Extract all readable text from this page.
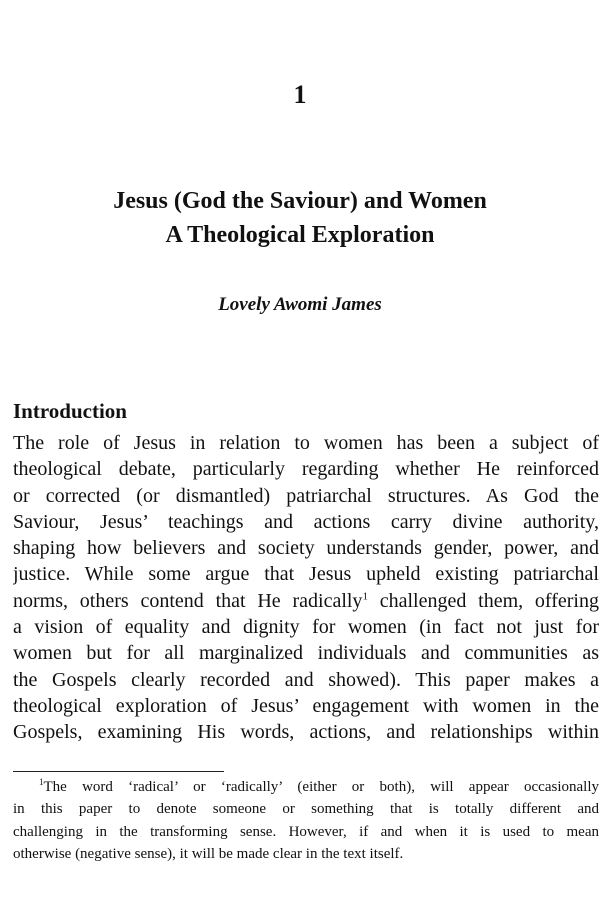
1
Jesus (God the Saviour) and Women
A Theological Exploration
Lovely Awomi James
Introduction
The role of Jesus in relation to women has been a subject of
theological debate, particularly regarding whether He reinforced
or corrected (or dismantled) patriarchal structures. As God the
Saviour, Jesus’ teachings and actions carry divine authority,
shaping how believers and society understands gender, power, and
justice. While some argue that Jesus upheld existing patriarchal
norms, others contend that He radically$^1$ challenged them, offering
a vision of equality and dignity for women (in fact not just for
women but for all marginalized individuals and communities as
the Gospels clearly recorded and showed). This paper makes a
theological exploration of Jesus’ engagement with women in the
Gospels, examining His words, actions, and relationships within
$^1$The word ‘radical’ or ‘radically’ (either or both), will appear occasionally
in this paper to denote someone or something that is totally different and
challenging in the transforming sense. However, if and when it is used to mean
otherwise (negative sense), it will be made clear in the text itself.
